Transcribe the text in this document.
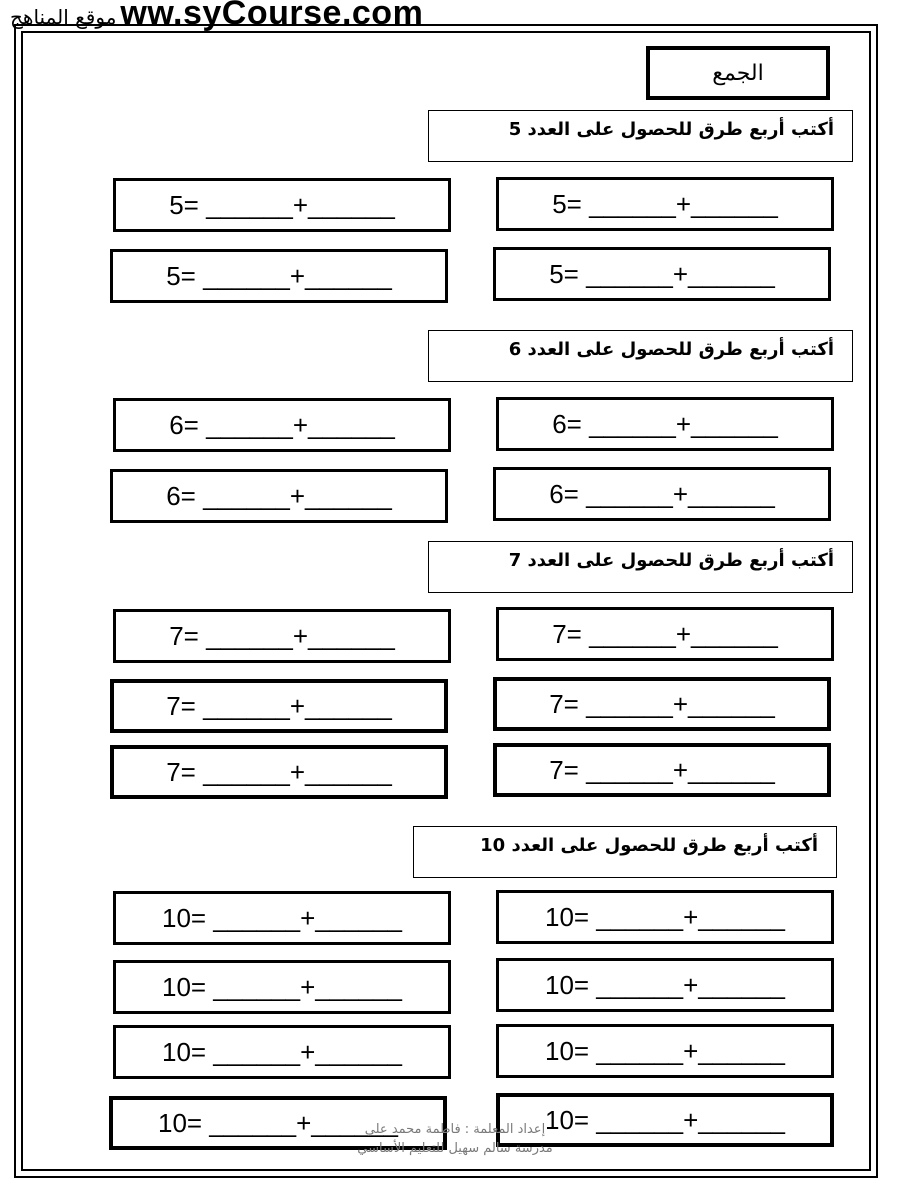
ww.syCourse.com
موقع المناهج
الجمع
أكتب أربع طرق للحصول على العدد 5
5= ______+______
5= ______+______
5= ______+______
5= ______+______
أكتب أربع طرق للحصول على العدد 6
6= ______+______
6= ______+______
6= ______+______
6= ______+______
أكتب أربع طرق للحصول على العدد 7
7= ______+______
7= ______+______
7= ______+______
7= ______+______
7= ______+______
7= ______+______
أكتب أربع طرق للحصول على العدد 10
10= ______+______
10= ______+______
10= ______+______
10= ______+______
10= ______+______
10= ______+______
10= ______+______
10= ______+______
إعداد المعلمة : فاطمة محمد علي
مدرسة سالم سهيل للتعليم الأساسي
